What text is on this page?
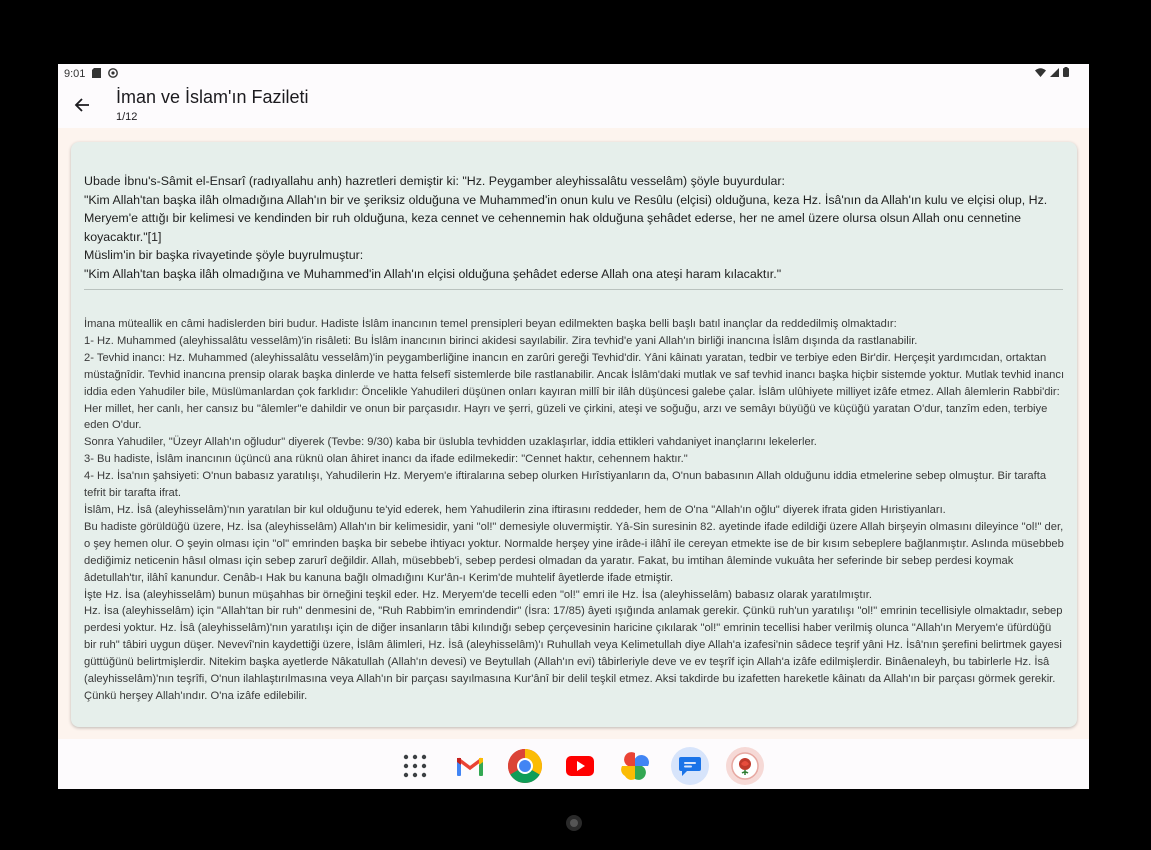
9:01
İman ve İslam'ın Fazileti
1/12
Ubade İbnu's-Sâmit el-Ensarî (radıyallahu anh) hazretleri demiştir ki: "Hz. Peygamber aleyhissalâtu vesselâm) şöyle buyurdular:
"Kim Allah'tan başka ilâh olmadığına Allah'ın bir ve şeriksiz olduğuna ve Muhammed'in onun kulu ve Resûlu (elçisi) olduğuna, keza Hz. İsâ'nın da Allah'ın kulu ve elçisi olup, Hz. Meryem'e attığı bir kelimesi ve kendinden bir ruh olduğuna, keza cennet ve cehennemin hak olduğuna şehâdet ederse, her ne amel üzere olursa olsun Allah onu cennetine koyacaktır."[1]
Müslim'in bir başka rivayetinde şöyle buyrulmuştur:
"Kim Allah'tan başka ilâh olmadığına ve Muhammed'in Allah'ın elçisi olduğuna şehâdet ederse Allah ona ateşi haram kılacaktır."
İmana müteallik en câmi hadislerden biri budur. Hadiste İslâm inancının temel prensipleri beyan edilmekten başka belli başlı batıl inançlar da reddedilmiş olmaktadır:
1- Hz. Muhammed (aleyhissalâtu vesselâm)'in risâleti: Bu İslâm inancının birinci akidesi sayılabilir. Zira tevhid'e yani Allah'ın birliği inancına İslâm dışında da rastlanabilir.
2- Tevhid inancı: Hz. Muhammed (aleyhissalâtu vesselâm)'in peygamberliğine inancın en zarûri gereği Tevhid'dir. Yâni kâinatı yaratan, tedbir ve terbiye eden Bir'dir. Herçeşit yardımcıdan, ortaktan müstağnîdir. Tevhid inancına prensip olarak başka dinlerde ve hatta felsefî sistemlerde bile rastlanabilir. Ancak İslâm'daki mutlak ve saf tevhid inancı başka hiçbir sistemde yoktur. Mutlak tevhid inancı iddia eden Yahudiler bile, Müslümanlardan çok farklıdır: Öncelikle Yahudileri düşünen onları kayıran millî bir ilâh düşüncesi galebe çalar. İslâm ulûhiyete milliyet izâfe etmez. Allah âlemlerin Rabbi'dir: Her millet, her canlı, her cansız bu "âlemler"e dahildir ve onun bir parçasıdır. Hayrı ve şerri, güzeli ve çirkini, ateşi ve soğuğu, arzı ve semâyı büyüğü ve küçüğü yaratan O'dur, tanzîm eden, terbiye eden O'dur.
Sonra Yahudiler, "Üzeyr Allah'ın oğludur" diyerek (Tevbe: 9/30) kaba bir üslubla tevhidden uzaklaşırlar, iddia ettikleri vahdaniyet inançlarını lekelerler.
3- Bu hadiste, İslâm inancının üçüncü ana rüknü olan âhiret inancı da ifade edilmekedir: "Cennet haktır, cehennem haktır."
4- Hz. İsa'nın şahsiyeti: O'nun babasız yaratılışı, Yahudilerin Hz. Meryem'e iftiralarına sebep olurken Hırîstiyanların da, O'nun babasının Allah olduğunu iddia etmelerine sebep olmuştur. Bir tarafta tefrit bir tarafta ifrat.
İslâm, Hz. İsâ (aleyhisselâm)'nın yaratılan bir kul olduğunu te'yid ederek, hem Yahudilerin zina iftirasını reddeder, hem de O'na "Allah'ın oğlu" diyerek ifrata giden Hıristiyanları.
Bu hadiste görüldüğü üzere, Hz. İsa (aleyhisselâm) Allah'ın bir kelimesidir, yani "ol!" demesiyle oluvermiştir. Yâ-Sin suresinin 82. ayetinde ifade edildiği üzere Allah birşeyin olmasını dileyince "ol!" der, o şey hemen olur. O şeyin olması için "ol" emrinden başka bir sebebe ihtiyacı yoktur. Normalde herşey yine irâde-i ilâhî ile cereyan etmekte ise de bir kısım sebeplere bağlanmıştır. Aslında müsebbeb dediğimiz neticenin hâsıl olması için sebep zarurî değildir. Allah, müsebbeb'i, sebep perdesi olmadan da yaratır. Fakat, bu imtihan âleminde vukuâta her seferinde bir sebep perdesi koymak âdetullah'tır, ilâhî kanundur. Cenâb-ı Hak bu kanuna bağlı olmadığını Kur'ân-ı Kerim'de muhtelif âyetlerde ifade etmiştir.
İşte Hz. İsa (aleyhisselâm) bunun müşahhas bir örneğini teşkil eder. Hz. Meryem'de tecelli eden "ol!" emri ile Hz. İsa (aleyhisselâm) babasız olarak yaratılmıştır.
Hz. İsa (aleyhisselâm) için "Allah'tan bir ruh" denmesini de, "Ruh Rabbim'in emrindendir" (İsra: 17/85) âyeti ışığında anlamak gerekir. Çünkü ruh'un yaratılışı "ol!" emrinin tecellisiyle olmaktadır, sebep perdesi yoktur. Hz. İsâ (aleyhisselâm)'nın yaratılışı için de diğer insanların tâbi kılındığı sebep çerçevesinin haricine çıkılarak "ol!" emrinin tecellisi haber verilmiş olunca "Allah'ın Meryem'e üfürdüğü bir ruh" tâbiri uygun düşer. Nevevî'nin kaydettiği üzere, İslâm âlimleri, Hz. İsâ (aleyhisselâm)'ı Ruhullah veya Kelimetullah diye Allah'a izafesi'nin sâdece teşrif yâni Hz. İsâ'nın şerefini belirtmek gayesi güttüğünü belirtmişlerdir. Nitekim başka ayetlerde Nâkatullah (Allah'ın devesi) ve Beytullah (Allah'ın evi) tâbirleriyle deve ve ev teşrîf için Allah'a izâfe edilmişlerdir. Binâenaleyh, bu tabirlerle Hz. İsâ (aleyhisselâm)'nın teşrîfi, O'nun ilahlaştırılmasına veya Allah'ın bir parçası sayılmasına Kur'ânî bir delil teşkil etmez. Aksi takdirde bu izafetten hareketle kâinatı da Allah'ın bir parçası görmek gerekir. Çünkü herşey Allah'ındır. O'na izâfe edilebilir.
